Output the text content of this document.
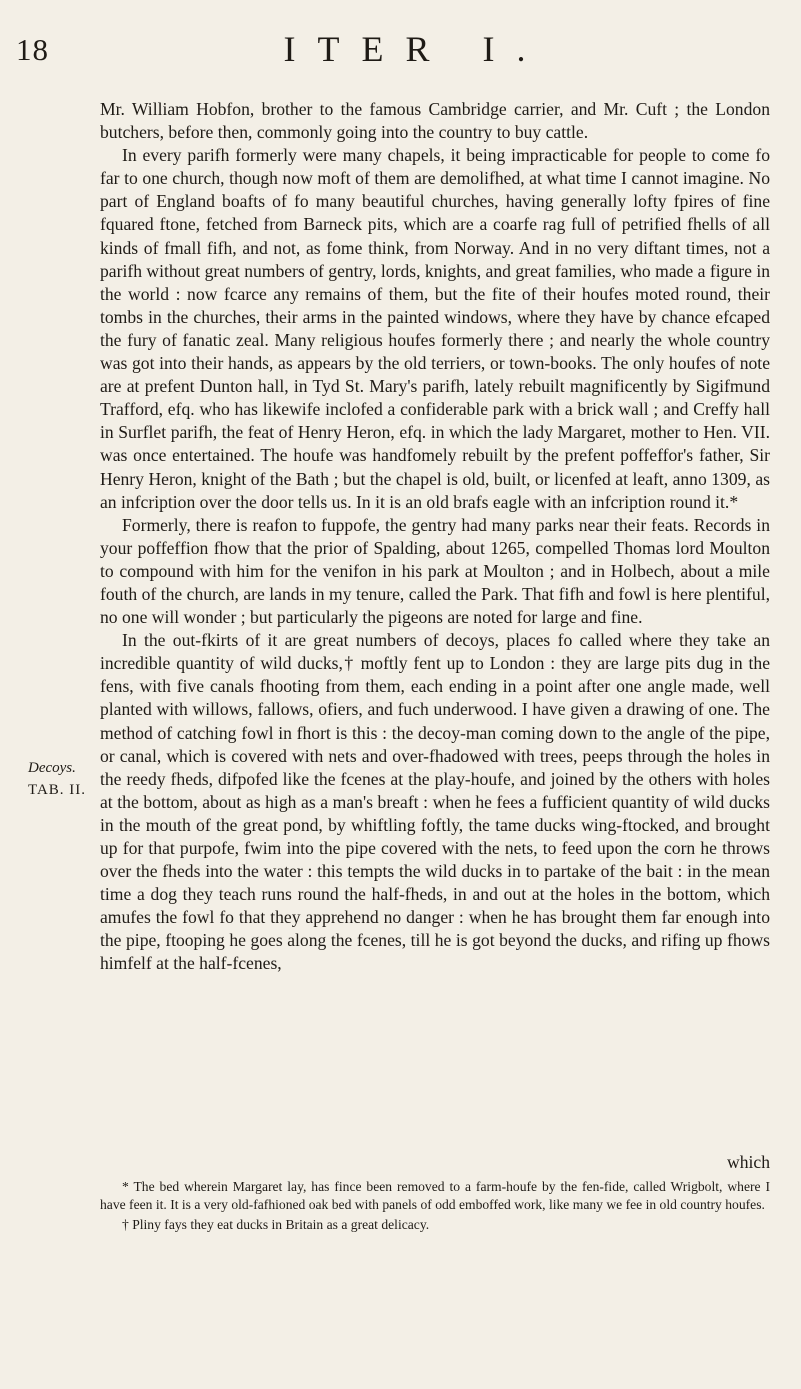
18	ITER I.

Mr. William Hobfon, brother to the famous Cambridge carrier, and Mr. Cuft ; the London butchers, before then, commonly going into the country to buy cattle.

In every parifh formerly were many chapels, it being impracticable for people to come fo far to one church, though now moft of them are demolifhed, at what time I cannot imagine. No part of England boafts of fo many beautiful churches, having generally lofty fpires of fine fquared ftone, fetched from Barneck pits, which are a coarfe rag full of petrified fhells of all kinds of fmall fifh, and not, as fome think, from Norway. And in no very diftant times, not a parifh without great numbers of gentry, lords, knights, and great families, who made a figure in the world : now fcarce any remains of them, but the fite of their houfes moted round, their tombs in the churches, their arms in the painted windows, where they have by chance efcaped the fury of fanatic zeal. Many religious houfes formerly there ; and nearly the whole country was got into their hands, as appears by the old terriers, or town-books. The only houfes of note are at prefent Dunton hall, in Tyd St. Mary's parifh, lately rebuilt magnificently by Sigifmund Trafford, efq. who has likewife inclofed a confiderable park with a brick wall ; and Creffy hall in Surflet parifh, the feat of Henry Heron, efq. in which the lady Margaret, mother to Hen. VII. was once entertained. The houfe was handfomely rebuilt by the prefent poffeffor's father, Sir Henry Heron, knight of the Bath ; but the chapel is old, built, or licenfed at leaft, anno 1309, as an infcription over the door tells us. In it is an old brafs eagle with an infcription round it.*

Formerly, there is reafon to fuppofe, the gentry had many parks near their feats. Records in your poffeffion fhow that the prior of Spalding, about 1265, compelled Thomas lord Moulton to compound with him for the venifon in his park at Moulton ; and in Holbech, about a mile fouth of the church, are lands in my tenure, called the Park. That fifh and fowl is here plentiful, no one will wonder ; but particularly the pigeons are noted for large and fine.

In the out-fkirts of it are great numbers of decoys, places fo called where they take an incredible quantity of wild ducks,† moftly fent up to London : they are large pits dug in the fens, with five canals fhooting from them, each ending in a point after one angle made, well planted with willows, fallows, ofiers, and fuch underwood. I have given a drawing of one. The method of catching fowl in fhort is this : the decoy-man coming down to the angle of the pipe, or canal, which is covered with nets and over-fhadowed with trees, peeps through the holes in the reedy fheds, difpofed like the fcenes at the play-houfe, and joined by the others with holes at the bottom, about as high as a man's breaft : when he fees a fufficient quantity of wild ducks in the mouth of the great pond, by whiftling foftly, the tame ducks wing-ftocked, and brought up for that purpofe, fwim into the pipe covered with the nets, to feed upon the corn he throws over the fheds into the water : this tempts the wild ducks in to partake of the bait : in the mean time a dog they teach runs round the half-fheds, in and out at the holes in the bottom, which amufes the fowl fo that they apprehend no danger : when he has brought them far enough into the pipe, ftooping he goes along the fcenes, till he is got beyond the ducks, and rifing up fhows himfelf at the half-fcenes,

Decoys.
TAB. II.
which

* The bed wherein Margaret lay, has fince been removed to a farm-houfe by the fen-fide, called Wrigbolt, where I have feen it. It is a very old-fafhioned oak bed with panels of odd emboffed work, like many we fee in old country houfes.

† Pliny fays they eat ducks in Britain as a great delicacy.
